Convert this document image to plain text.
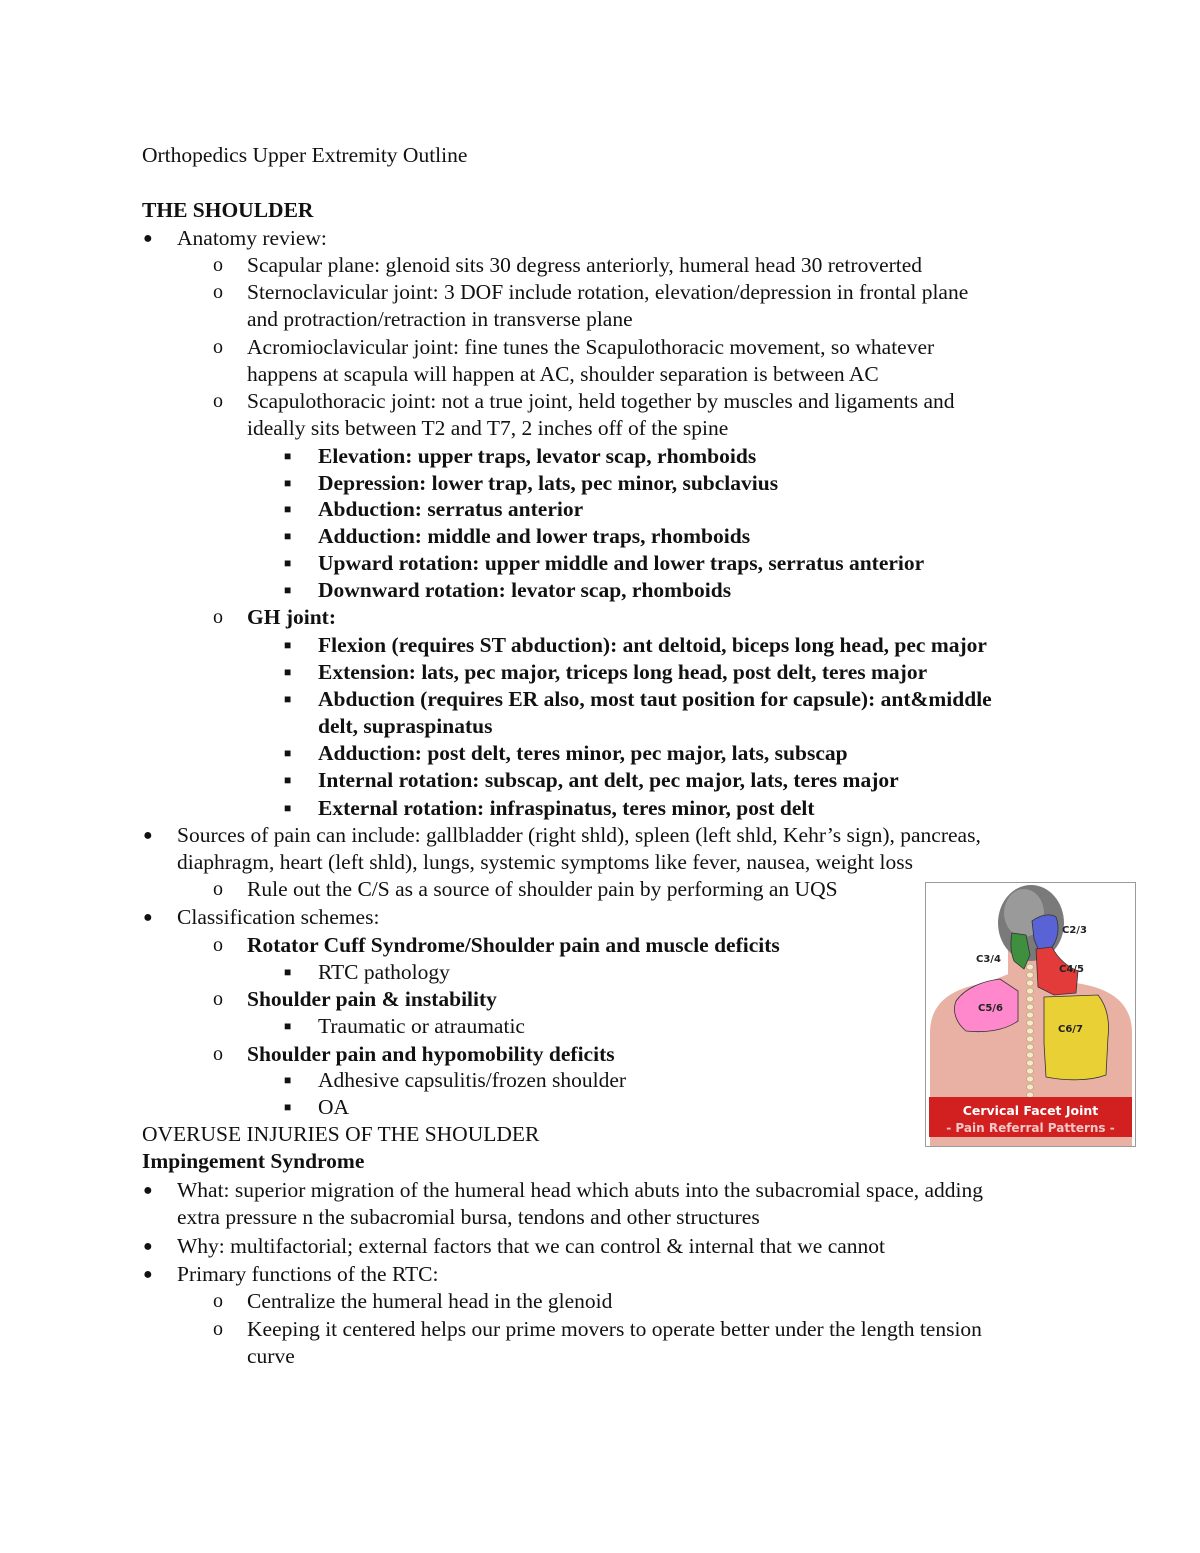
Orthopedics Upper Extremity Outline
THE SHOULDER
● Anatomy review:
o Scapular plane: glenoid sits 30 degress anteriorly, humeral head 30 retroverted
o Sternoclavicular joint: 3 DOF include rotation, elevation/depression in frontal plane
and protraction/retraction in transverse plane
o Acromioclavicular joint: fine tunes the Scapulothoracic movement, so whatever
happens at scapula will happen at AC, shoulder separation is between AC
o Scapulothoracic joint: not a true joint, held together by muscles and ligaments and
ideally sits between T2 and T7, 2 inches off of the spine
■ Elevation: upper traps, levator scap, rhomboids
■ Depression: lower trap, lats, pec minor, subclavius
■ Abduction: serratus anterior
■ Adduction: middle and lower traps, rhomboids
■ Upward rotation: upper middle and lower traps, serratus anterior
■ Downward rotation: levator scap, rhomboids
o GH joint:
■ Flexion (requires ST abduction): ant deltoid, biceps long head, pec major
■ Extension: lats, pec major, triceps long head, post delt, teres major
■ Abduction (requires ER also, most taut position for capsule): ant&middle
delt, supraspinatus
■ Adduction: post delt, teres minor, pec major, lats, subscap
■ Internal rotation: subscap, ant delt, pec major, lats, teres major
■ External rotation: infraspinatus, teres minor, post delt
● Sources of pain can include: gallbladder (right shld), spleen (left shld, Kehr’s sign), pancreas,
diaphragm, heart (left shld), lungs, systemic symptoms like fever, nausea, weight loss
o Rule out the C/S as a source of shoulder pain by performing an UQS
● Classification schemes:
o Rotator Cuff Syndrome/Shoulder pain and muscle deficits
■ RTC pathology
o Shoulder pain & instability
■ Traumatic or atraumatic
o Shoulder pain and hypomobility deficits
■ Adhesive capsulitis/frozen shoulder
■ OA
OVERUSE INJURIES OF THE SHOULDER
Impingement Syndrome
● What: superior migration of the humeral head which abuts into the subacromial space, adding
extra pressure n the subacromial bursa, tendons and other structures
● Why: multifactorial; external factors that we can control & internal that we cannot
● Primary functions of the RTC:
o Centralize the humeral head in the glenoid
o Keeping it centered helps our prime movers to operate better under the length tension
curve
C2/3
C3/4
C4/5
C5/6
C6/7
Cervical Facet Joint
- Pain Referral Patterns -
